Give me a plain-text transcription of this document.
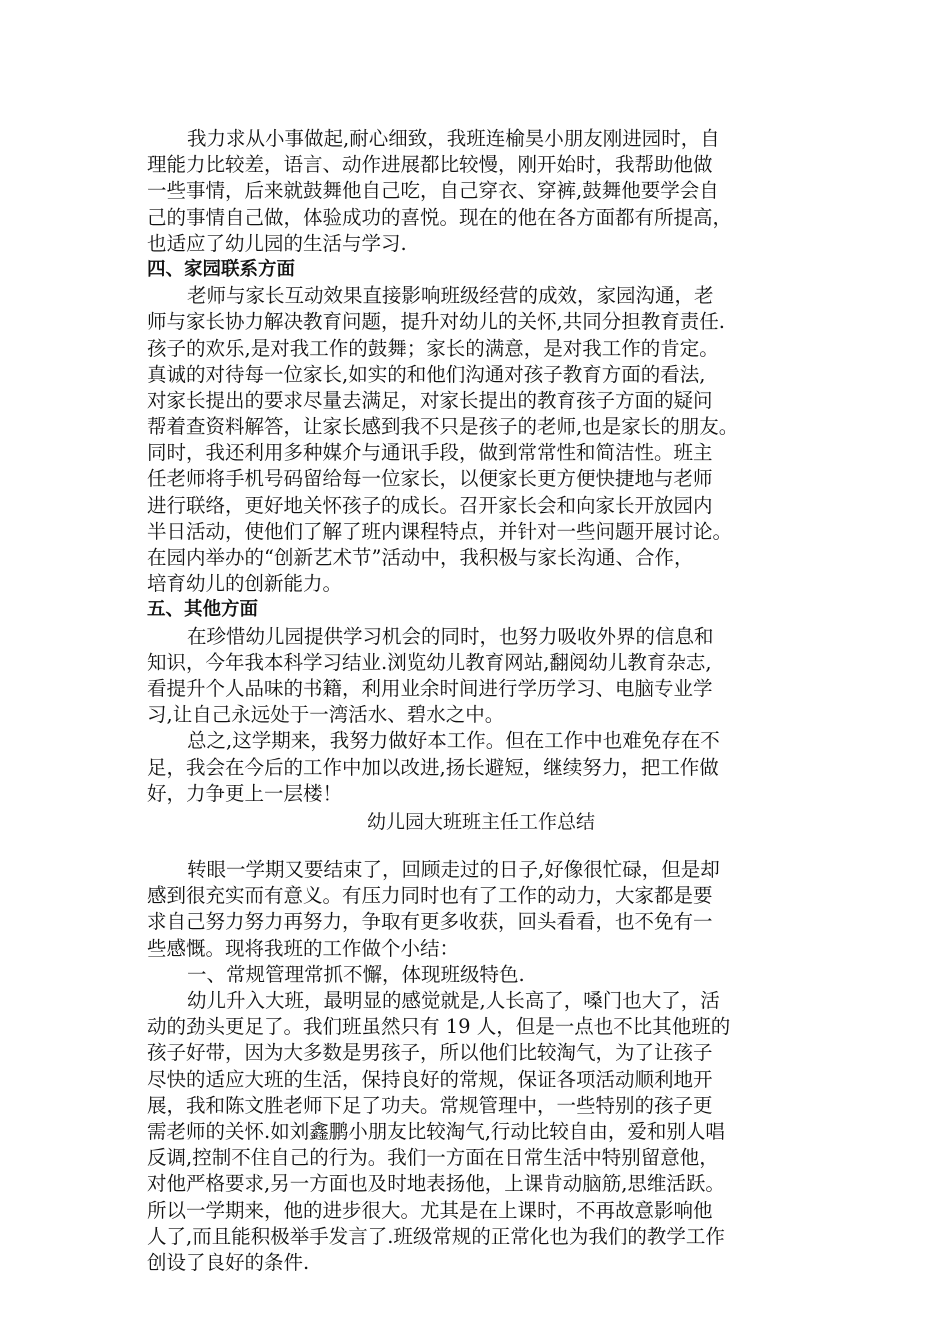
我力求从小事做起,耐心细致，我班连榆昊小朋友刚进园时，自
理能力比较差，语言、动作进展都比较慢，刚开始时，我帮助他做
一些事情，后来就鼓舞他自己吃，自己穿衣、穿裤,鼓舞他要学会自
己的事情自己做，体验成功的喜悦。现在的他在各方面都有所提高，
也适应了幼儿园的生活与学习.
四、家园联系方面
老师与家长互动效果直接影响班级经营的成效，家园沟通，老
师与家长协力解决教育问题，提升对幼儿的关怀,共同分担教育责任.
孩子的欢乐,是对我工作的鼓舞；家长的满意，是对我工作的肯定。
真诚的对待每一位家长,如实的和他们沟通对孩子教育方面的看法,
对家长提出的要求尽量去满足，对家长提出的教育孩子方面的疑问
帮着查资料解答，让家长感到我不只是孩子的老师,也是家长的朋友。
同时，我还利用多种媒介与通讯手段，做到常常性和简洁性。班主
任老师将手机号码留给每一位家长，以便家长更方便快捷地与老师
进行联络，更好地关怀孩子的成长。召开家长会和向家长开放园内
半日活动，使他们了解了班内课程特点，并针对一些问题开展讨论。
在园内举办的“创新艺术节”活动中，我积极与家长沟通、合作，
培育幼儿的创新能力。
五、其他方面
在珍惜幼儿园提供学习机会的同时，也努力吸收外界的信息和
知识，今年我本科学习结业.浏览幼儿教育网站,翻阅幼儿教育杂志,
看提升个人品味的书籍，利用业余时间进行学历学习、电脑专业学
习,让自己永远处于一湾活水、碧水之中。
总之,这学期来，我努力做好本工作。但在工作中也难免存在不
足，我会在今后的工作中加以改进,扬长避短，继续努力，把工作做
好，力争更上一层楼！
幼儿园大班班主任工作总结
转眼一学期又要结束了，回顾走过的日子,好像很忙碌，但是却
感到很充实而有意义。有压力同时也有了工作的动力，大家都是要
求自己努力努力再努力，争取有更多收获，回头看看，也不免有一
些感慨。现将我班的工作做个小结：
一、常规管理常抓不懈，体现班级特色.
幼儿升入大班，最明显的感觉就是,人长高了，嗓门也大了，活
动的劲头更足了。我们班虽然只有 19 人，但是一点也不比其他班的
孩子好带，因为大多数是男孩子，所以他们比较淘气，为了让孩子
尽快的适应大班的生活，保持良好的常规，保证各项活动顺利地开
展，我和陈文胜老师下足了功夫。常规管理中，一些特别的孩子更
需老师的关怀.如刘鑫鹏小朋友比较淘气,行动比较自由，爱和别人唱
反调,控制不住自己的行为。我们一方面在日常生活中特别留意他，
对他严格要求,另一方面也及时地表扬他，上课肯动脑筋,思维活跃。
所以一学期来，他的进步很大。尤其是在上课时，不再故意影响他
人了,而且能积极举手发言了.班级常规的正常化也为我们的教学工作
创设了良好的条件.
